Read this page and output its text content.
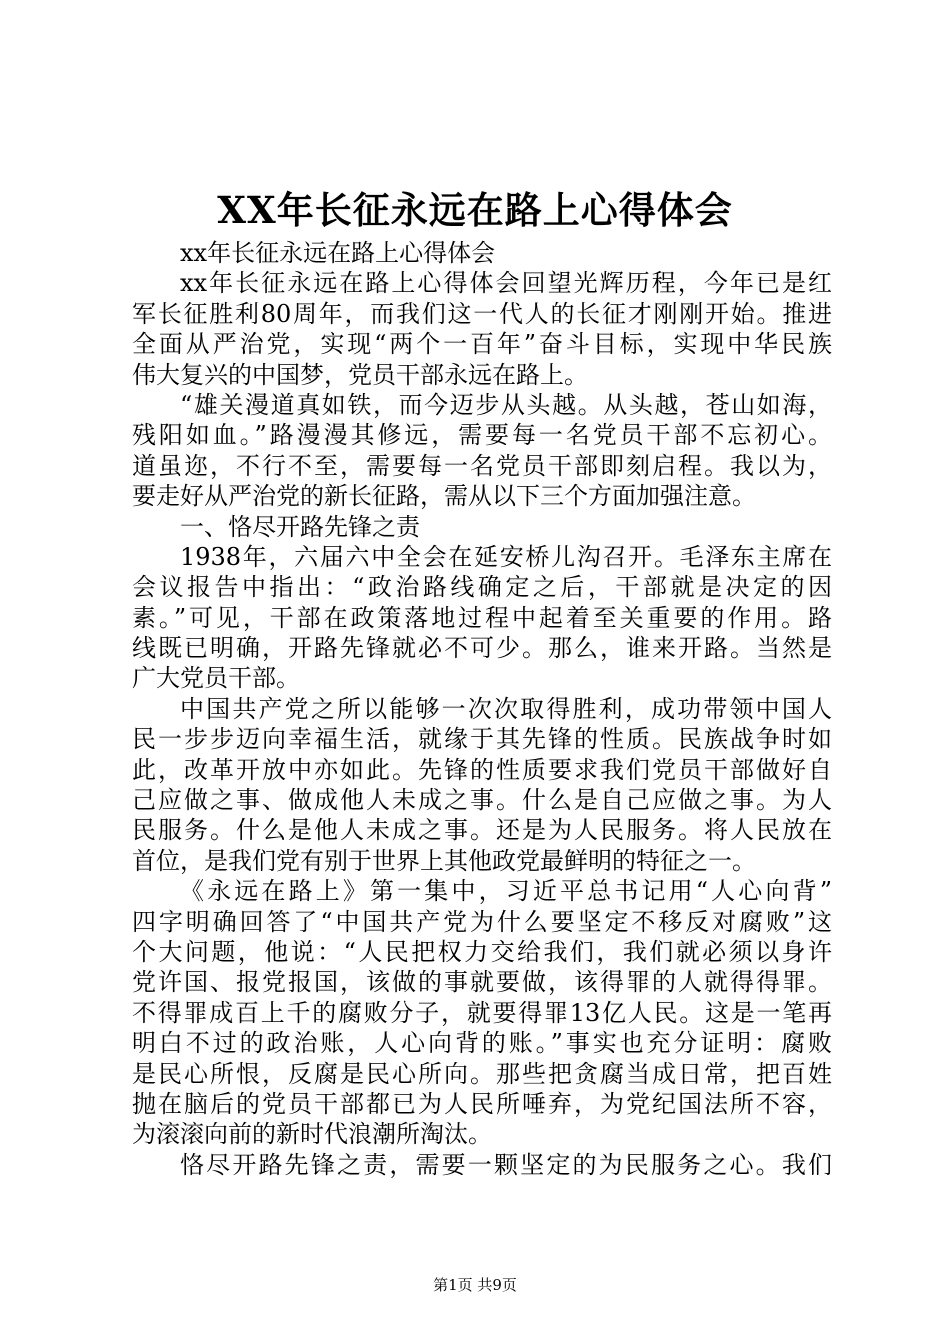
XX年长征永远在路上心得体会
xx年长征永远在路上心得体会
xx年长征永远在路上心得体会回望光辉历程，今年已是红
军长征胜利80周年，而我们这一代人的长征才刚刚开始。推进
全面从严治党，实现“两个一百年”奋斗目标，实现中华民族
伟大复兴的中国梦，党员干部永远在路上。
“雄关漫道真如铁，而今迈步从头越。从头越，苍山如海，
残阳如血。”路漫漫其修远，需要每一名党员干部不忘初心。
道虽迩，不行不至，需要每一名党员干部即刻启程。我以为，
要走好从严治党的新长征路，需从以下三个方面加强注意。
一、恪尽开路先锋之责
1938年，六届六中全会在延安桥儿沟召开。毛泽东主席在
会议报告中指出：“政治路线确定之后，干部就是决定的因
素。”可见，干部在政策落地过程中起着至关重要的作用。路
线既已明确，开路先锋就必不可少。那么，谁来开路。当然是
广大党员干部。
中国共产党之所以能够一次次取得胜利，成功带领中国人
民一步步迈向幸福生活，就缘于其先锋的性质。民族战争时如
此，改革开放中亦如此。先锋的性质要求我们党员干部做好自
己应做之事、做成他人未成之事。什么是自己应做之事。为人
民服务。什么是他人未成之事。还是为人民服务。将人民放在
首位，是我们党有别于世界上其他政党最鲜明的特征之一。
《永远在路上》第一集中，习近平总书记用“人心向背”
四字明确回答了“中国共产党为什么要坚定不移反对腐败”这
个大问题，他说：“人民把权力交给我们，我们就必须以身许
党许国、报党报国，该做的事就要做，该得罪的人就得得罪。
不得罪成百上千的腐败分子，就要得罪13亿人民。这是一笔再
明白不过的政治账，人心向背的账。”事实也充分证明：腐败
是民心所恨，反腐是民心所向。那些把贪腐当成日常，把百姓
抛在脑后的党员干部都已为人民所唾弃，为党纪国法所不容，
为滚滚向前的新时代浪潮所淘汰。
恪尽开路先锋之责，需要一颗坚定的为民服务之心。我们
第1页 共9页
